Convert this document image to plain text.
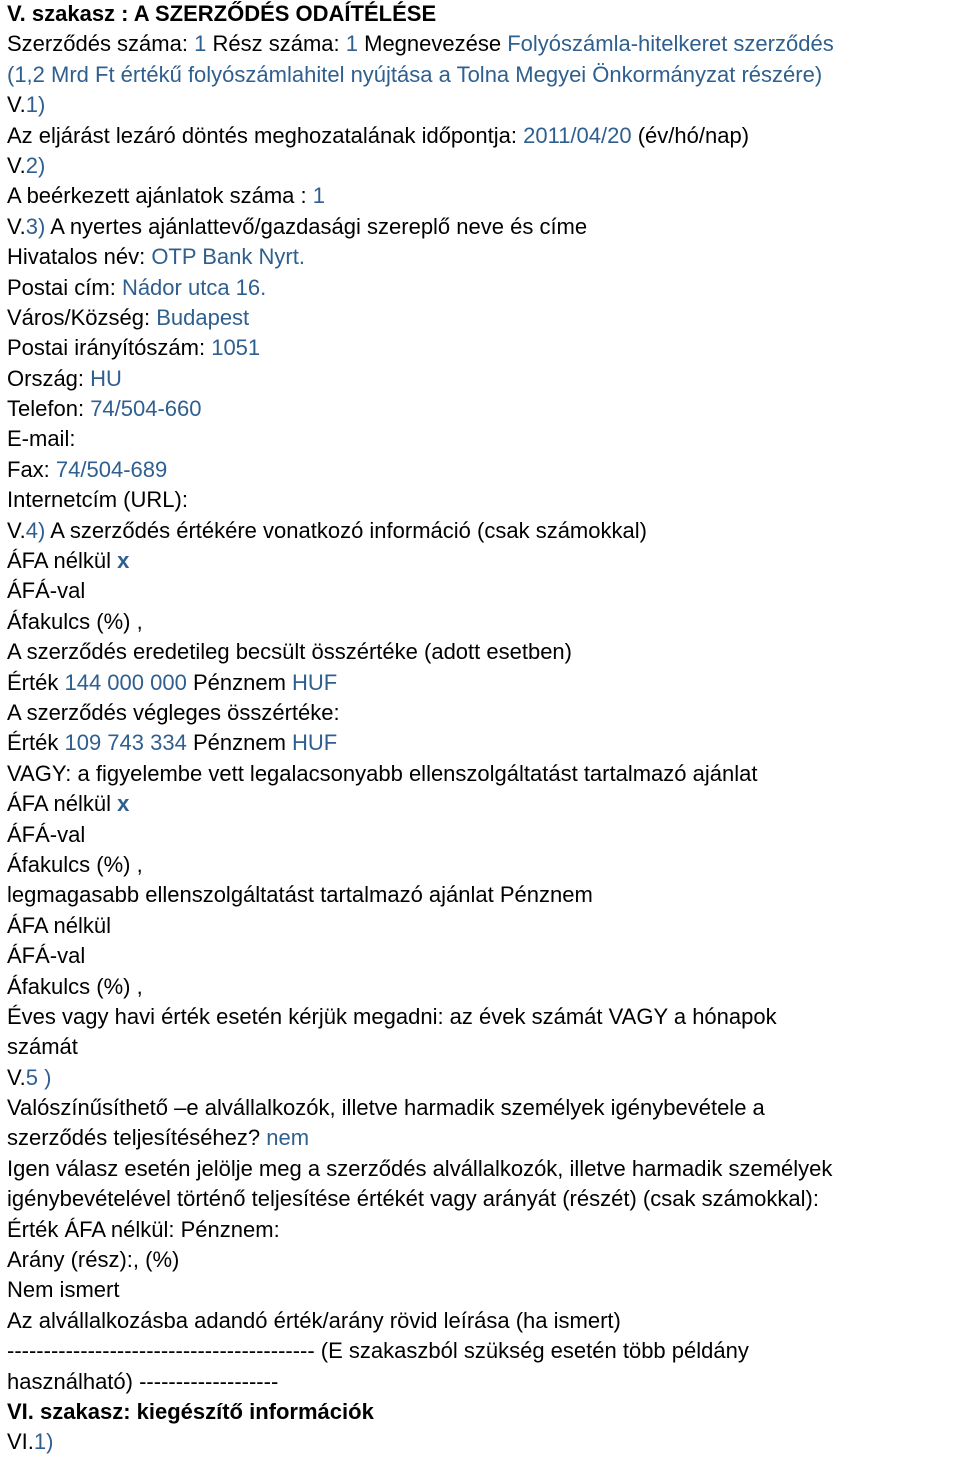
V. szakasz : A SZERZŐDÉS ODAÍTÉLÉSE
Szerződés száma: 1 Rész száma: 1 Megnevezése Folyószámla-hitelkeret szerződés
(1,2 Mrd Ft értékű folyószámlahitel nyújtása a Tolna Megyei Önkormányzat részére)
V.1)
Az eljárást lezáró döntés meghozatalának időpontja: 2011/04/20 (év/hó/nap)
V.2)
A beérkezett ajánlatok száma : 1
V.3) A nyertes ajánlattevő/gazdasági szereplő neve és címe
Hivatalos név: OTP Bank Nyrt.
Postai cím: Nádor utca 16.
Város/Község: Budapest
Postai irányítószám: 1051
Ország: HU
Telefon: 74/504-660
E-mail:
Fax: 74/504-689
Internetcím (URL):
V.4) A szerződés értékére vonatkozó információ (csak számokkal)
ÁFA nélkül x
ÁFÁ-val
Áfakulcs (%) ,
A szerződés eredetileg becsült összértéke (adott esetben)
Érték 144 000 000 Pénznem HUF
A szerződés végleges összértéke:
Érték 109 743 334 Pénznem HUF
VAGY: a figyelembe vett legalacsonyabb ellenszolgáltatást tartalmazó ajánlat
ÁFA nélkül x
ÁFÁ-val
Áfakulcs (%) ,
legmagasabb ellenszolgáltatást tartalmazó ajánlat Pénznem
ÁFA nélkül
ÁFÁ-val
Áfakulcs (%) ,
Éves vagy havi érték esetén kérjük megadni: az évek számát VAGY a hónapok
számát
V.5 )
Valószínűsíthető –e alvállalkozók, illetve harmadik személyek igénybevétele a
szerződés teljesítéséhez? nem
Igen válasz esetén jelölje meg a szerződés alvállalkozók, illetve harmadik személyek
igénybevételével történő teljesítése értékét vagy arányát (részét) (csak számokkal):
Érték ÁFA nélkül: Pénznem:
Arány (rész):, (%)
Nem ismert
Az alvállalkozásba adandó érték/arány rövid leírása (ha ismert)
------------------------------------------ (E szakaszból szükség esetén több példány
használható) -------------------
VI. szakasz: kiegészítő információk
VI.1)
